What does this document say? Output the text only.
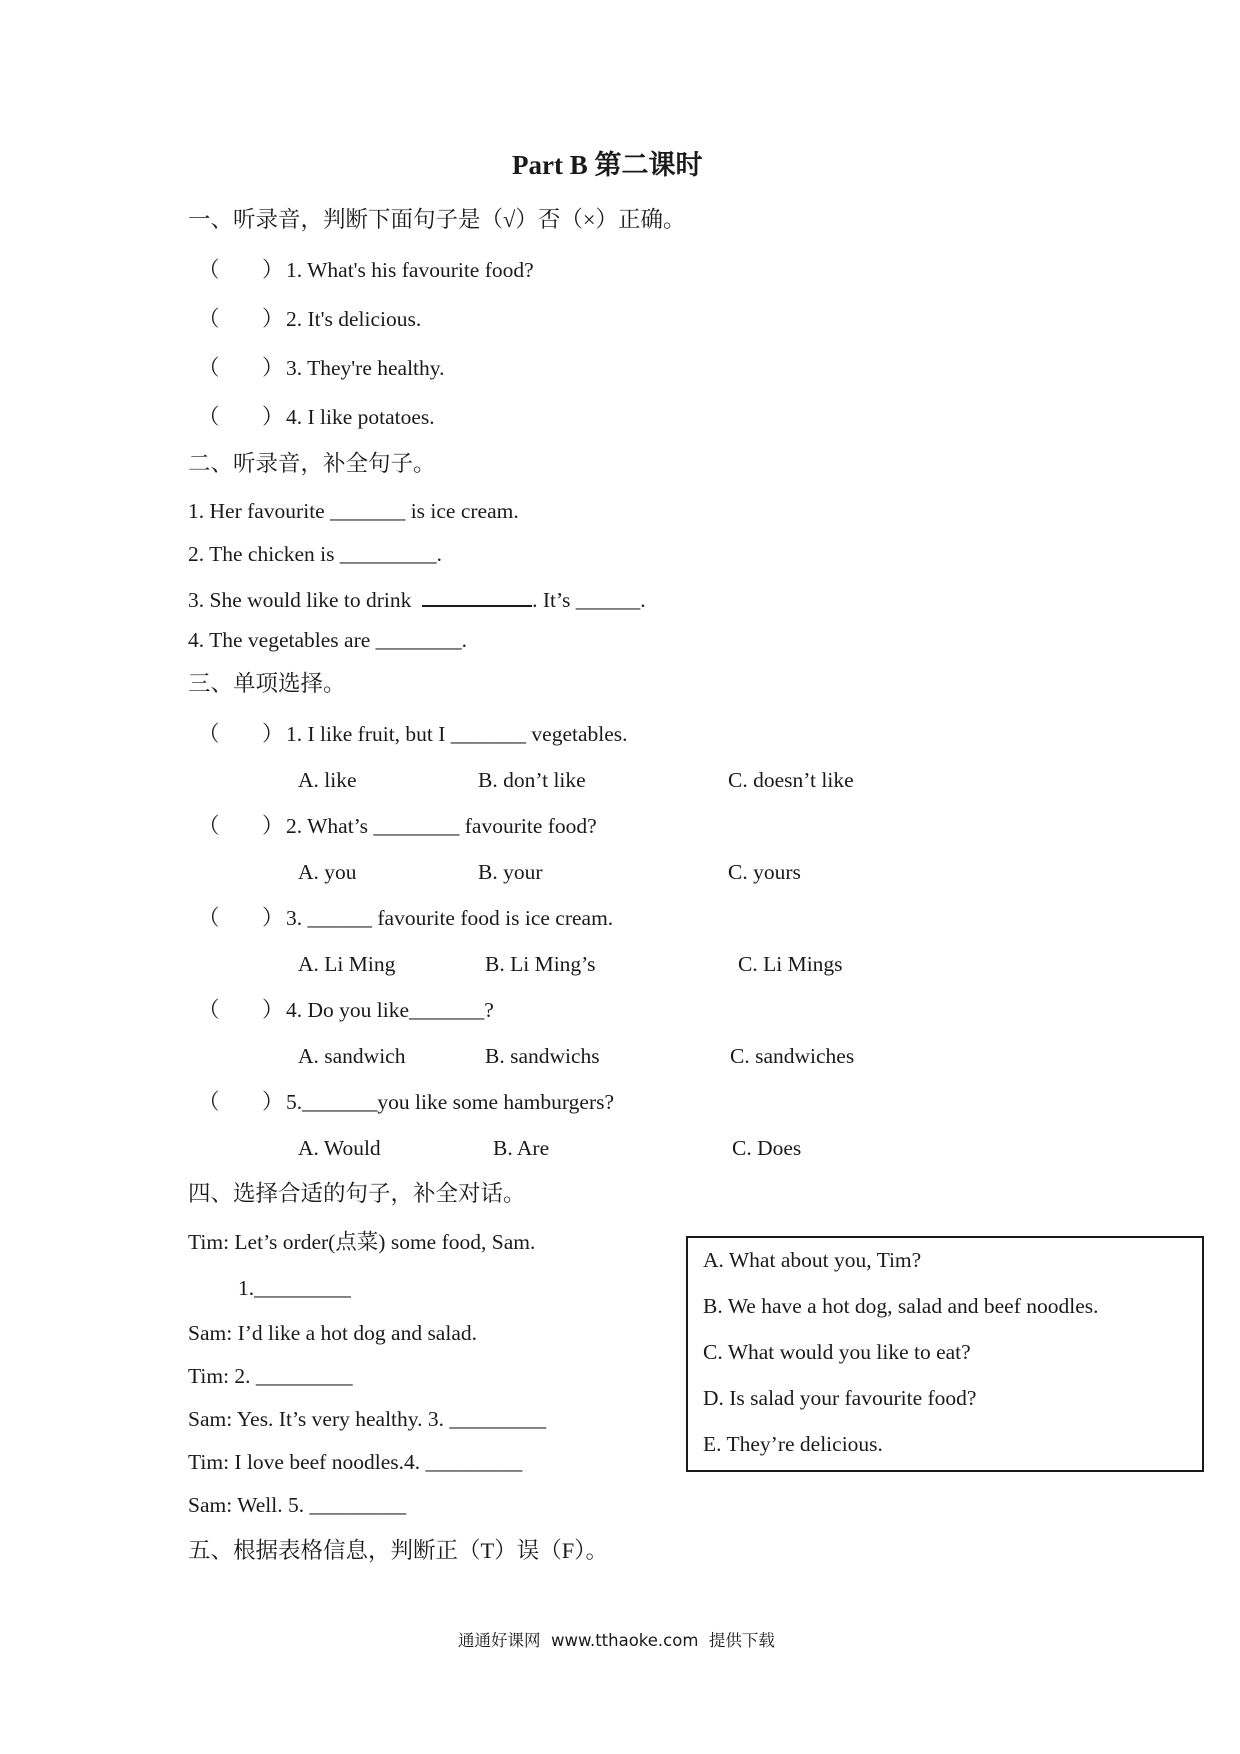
Part B 第二课时
一、听录音，判断下面句子是（√）否（×）正确。
（ ） 1. What's his favourite food?
（ ） 2. It's delicious.
（ ） 3. They're healthy.
（ ） 4. I like potatoes.
二、听录音，补全句子。
1. Her favourite _______ is ice cream.
2. The chicken is _________.
3. She would like to drink	. It’s ______.
4. The vegetables are ________.
三、单项选择。
（ ） 1. I like fruit, but I _______ vegetables.
A. like	B. don’t like	C. doesn’t like
（ ） 2. What’s ________ favourite food?
A. you	B. your	C. yours
（ ） 3. ______ favourite food is ice cream.
A. Li Ming	B. Li Ming’s	C. Li Mings
（ ） 4. Do you like_______?
A. sandwich	B. sandwichs	C. sandwiches
（ ） 5._______you like some hamburgers?
A. Would	B. Are	C. Does
四、选择合适的句子，补全对话。
Tim: Let’s order(点菜) some food, Sam.
1._________
Sam: I’d like a hot dog and salad.
Tim: 2. _________
Sam: Yes. It’s very healthy. 3. _________
Tim: I love beef noodles.4. _________
Sam: Well. 5. _________
A. What about you, Tim?
B. We have a hot dog, salad and beef noodles.
C. What would you like to eat?
D. Is salad your favourite food?
E. They’re delicious.
五、根据表格信息，判断正（T）误（F）。
通通好课网  www.tthaoke.com  提供下载
